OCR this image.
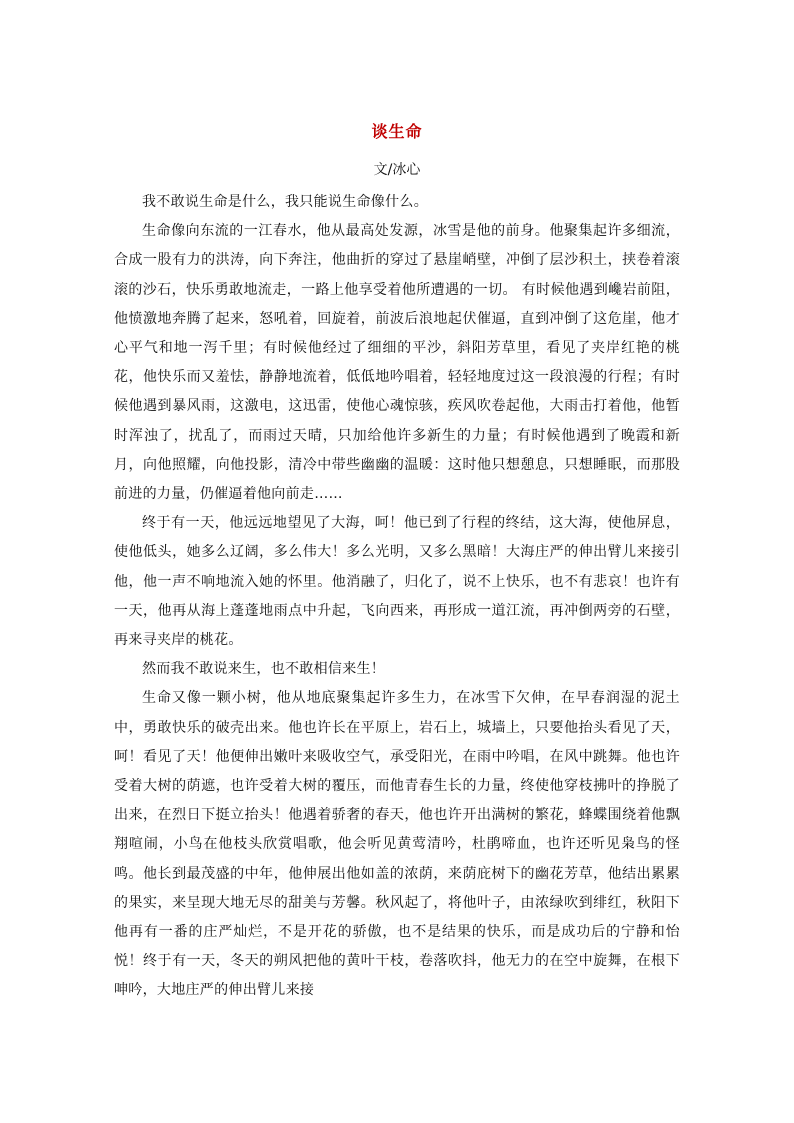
谈生命

文/冰心

我不敢说生命是什么，我只能说生命像什么。

生命像向东流的一江春水，他从最高处发源，冰雪是他的前身。他聚集起许多细流，合成一股有力的洪涛，向下奔注，他曲折的穿过了悬崖峭壁，冲倒了层沙积土，挟卷着滚滚的沙石，快乐勇敢地流走，一路上他享受着他所遭遇的一切。 有时候他遇到巉岩前阻，他愤激地奔腾了起来，怒吼着，回旋着，前波后浪地起伏催逼，直到冲倒了这危崖，他才心平气和地一泻千里；有时候他经过了细细的平沙，斜阳芳草里，看见了夹岸红艳的桃花，他快乐而又羞怯，静静地流着，低低地吟唱着，轻轻地度过这一段浪漫的行程；有时候他遇到暴风雨，这激电，这迅雷，使他心魂惊骇，疾风吹卷起他，大雨击打着他，他暂时浑浊了，扰乱了，而雨过天晴，只加给他许多新生的力量；有时候他遇到了晚霞和新月，向他照耀，向他投影，清冷中带些幽幽的温暖：这时他只想憩息，只想睡眠，而那股前进的力量，仍催逼着他向前走……

终于有一天，他远远地望见了大海，呵！他已到了行程的终结，这大海，使他屏息，使他低头，她多么辽阔，多么伟大！多么光明，又多么黑暗！大海庄严的伸出臂儿来接引他，他一声不响地流入她的怀里。他消融了，归化了，说不上快乐，也不有悲哀！也许有一天，他再从海上蓬蓬地雨点中升起，飞向西来，再形成一道江流，再冲倒两旁的石壁，再来寻夹岸的桃花。

然而我不敢说来生，也不敢相信来生！

生命又像一颗小树，他从地底聚集起许多生力，在冰雪下欠伸，在早春润湿的泥土中，勇敢快乐的破壳出来。他也许长在平原上，岩石上，城墙上，只要他抬头看见了天，呵！看见了天！他便伸出嫩叶来吸收空气，承受阳光，在雨中吟唱，在风中跳舞。他也许受着大树的荫遮，也许受着大树的覆压，而他青春生长的力量，终使他穿枝拂叶的挣脱了出来，在烈日下挺立抬头！他遇着骄奢的春天，他也许开出满树的繁花，蜂蝶围绕着他飘翔喧闹，小鸟在他枝头欣赏唱歌，他会听见黄莺清吟，杜鹃啼血，也许还听见枭鸟的怪鸣。他长到最茂盛的中年，他伸展出他如盖的浓荫，来荫庇树下的幽花芳草，他结出累累的果实，来呈现大地无尽的甜美与芳馨。秋风起了，将他叶子，由浓绿吹到绯红，秋阳下他再有一番的庄严灿烂，不是开花的骄傲，也不是结果的快乐，而是成功后的宁静和怡悦！终于有一天，冬天的朔风把他的黄叶干枝，卷落吹抖，他无力的在空中旋舞，在根下呻吟，大地庄严的伸出臂儿来接
